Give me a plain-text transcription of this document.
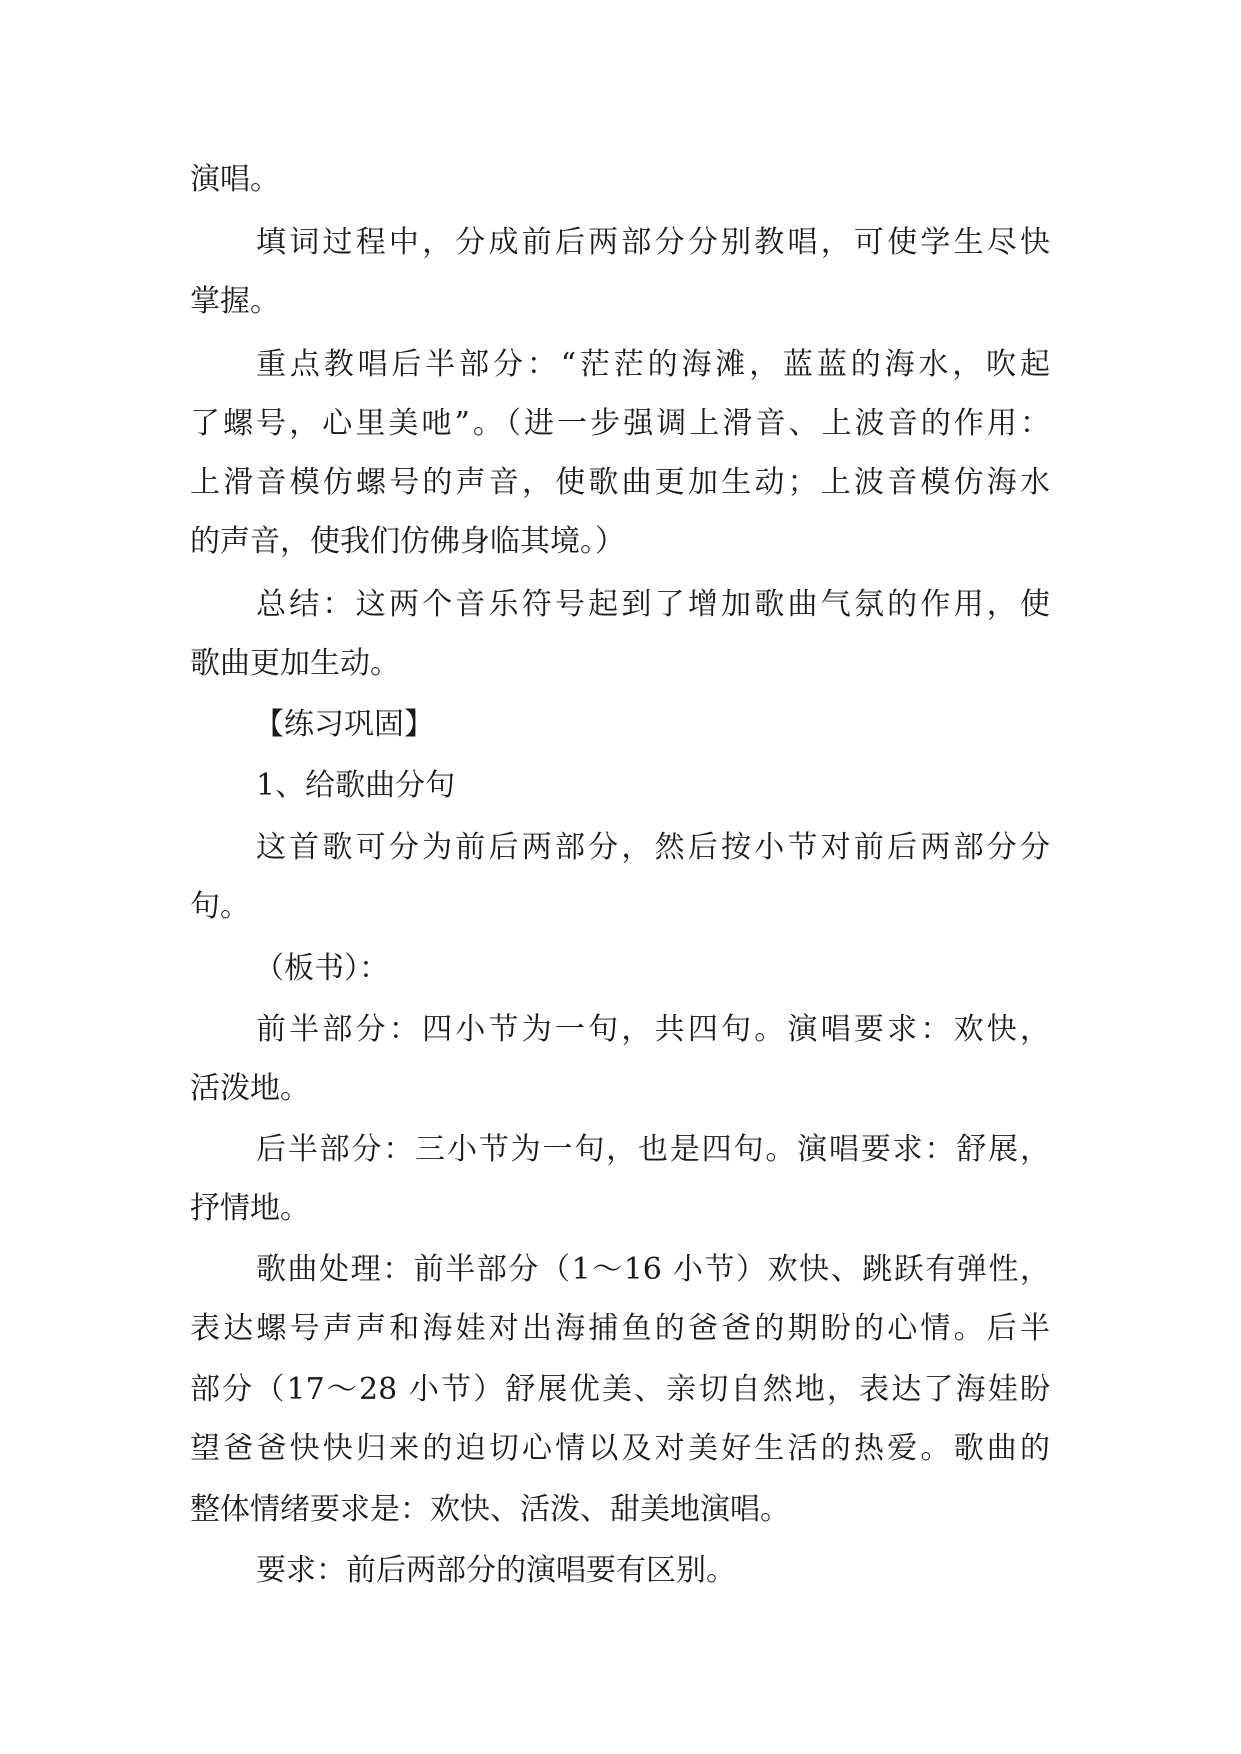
演唱。
填词过程中，分成前后两部分分别教唱，可使学生尽快
掌握。
重点教唱后半部分：“茫茫的海滩，蓝蓝的海水，吹起
了螺号，心里美吔”。（进一步强调上滑音、上波音的作用：
上滑音模仿螺号的声音，使歌曲更加生动；上波音模仿海水
的声音，使我们仿佛身临其境。）
总结：这两个音乐符号起到了增加歌曲气氛的作用，使
歌曲更加生动。
【练习巩固】
1、给歌曲分句
这首歌可分为前后两部分，然后按小节对前后两部分分
句。
（板书）：
前半部分：四小节为一句，共四句。演唱要求：欢快，
活泼地。
后半部分：三小节为一句，也是四句。演唱要求：舒展，
抒情地。
歌曲处理：前半部分（1～16 小节）欢快、跳跃有弹性，
表达螺号声声和海娃对出海捕鱼的爸爸的期盼的心情。后半
部分（17～28 小节）舒展优美、亲切自然地，表达了海娃盼
望爸爸快快归来的迫切心情以及对美好生活的热爱。歌曲的
整体情绪要求是：欢快、活泼、甜美地演唱。
要求：前后两部分的演唱要有区别。
